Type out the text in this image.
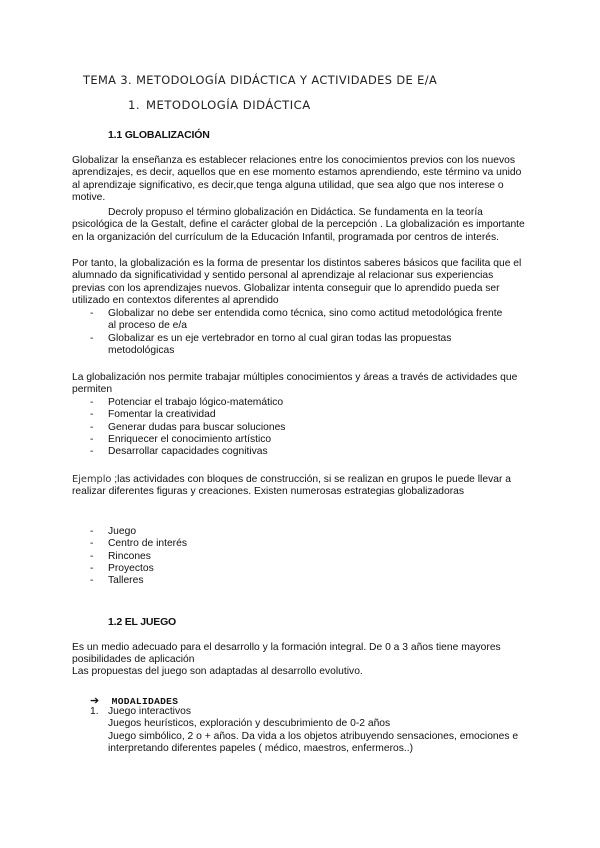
TEMA 3. METODOLOGÍA DIDÁCTICA Y ACTIVIDADES DE E/A
1. METODOLOGÍA DIDÁCTICA
1.1 GLOBALIZACIÓN

Globalizar la enseñanza es establecer relaciones entre los conocimientos previos con los nuevos aprendizajes, es decir, aquellos que en ese momento estamos aprendiendo, este término va unido al aprendizaje significativo, es decir,que tenga alguna utilidad, que sea algo que nos interese o motive.

Decroly propuso el término globalización en Didáctica. Se fundamenta en la teoría psicológica de la Gestalt, define el carácter global de la percepción . La globalización es importante en la organización del currículum de la Educación Infantil, programada por centros de interés.

Por tanto, la globalización es la forma de presentar los distintos saberes básicos que facilita que el alumnado da significatividad y sentido personal al aprendizaje al relacionar sus experiencias previas con los aprendizajes nuevos. Globalizar intenta conseguir que lo aprendido pueda ser utilizado en contextos diferentes al aprendido

- Globalizar no debe ser entendida como técnica, sino como actitud metodológica frente al proceso de e/a
- Globalizar es un eje vertebrador en torno al cual giran todas las propuestas metodológicas

La globalización nos permite trabajar múltiples conocimientos y áreas a través de actividades que permiten

- Potenciar el trabajo lógico-matemático
- Fomentar la creatividad
- Generar dudas para buscar soluciones
- Enriquecer el conocimiento artístico
- Desarrollar capacidades cognitivas

Ejemplo ;las actividades con bloques de construcción, si se realizan en grupos le puede llevar a realizar diferentes figuras y creaciones. Existen numerosas estrategias globalizadoras

- Juego
- Centro de interés
- Rincones
- Proyectos
- Talleres
1.2 EL JUEGO

Es un medio adecuado para el desarrollo y la formación integral. De 0 a 3 años tiene mayores posibilidades de aplicación

Las propuestas del juego son adaptadas al desarrollo evolutivo.

➔ MODALIDADES
1. Juego interactivos
Juegos heurísticos, exploración y descubrimiento de 0-2 años
Juego simbólico, 2 o + años. Da vida a los objetos atribuyendo sensaciones, emociones e interpretando diferentes papeles ( médico, maestros, enfermeros..)
